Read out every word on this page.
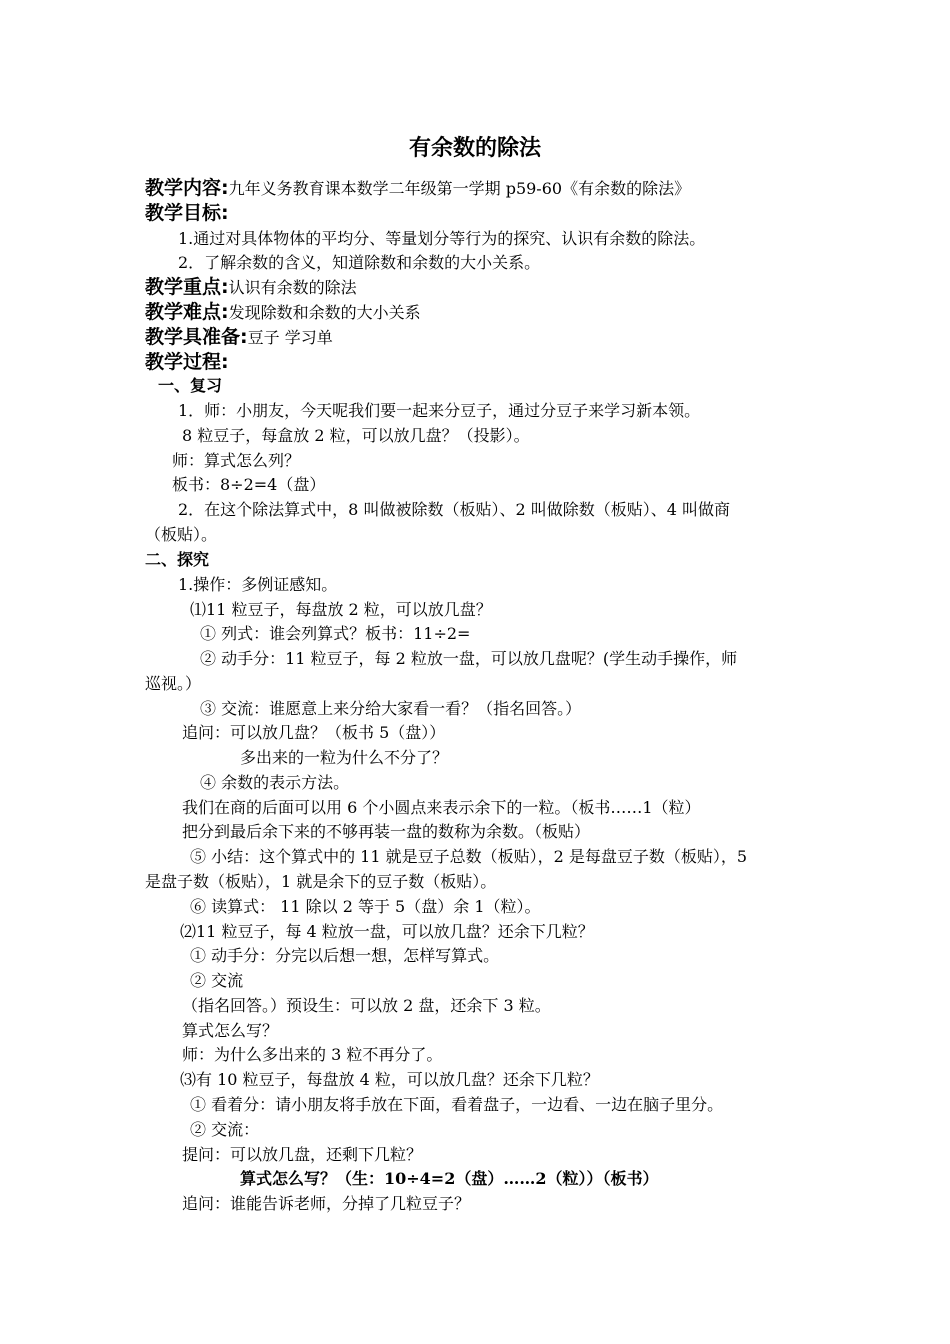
有余数的除法
教学内容:九年义务教育课本数学二年级第一学期 p59-60《有余数的除法》
教学目标:
1.通过对具体物体的平均分、等量划分等行为的探究、认识有余数的除法。
2．了解余数的含义，知道除数和余数的大小关系。
教学重点:认识有余数的除法
教学难点:发现除数和余数的大小关系
教学具准备:豆子 学习单
教学过程:
一、复习
1．师：小朋友，今天呢我们要一起来分豆子，通过分豆子来学习新本领。
8 粒豆子，每盒放 2 粒，可以放几盘？（投影）。
师：算式怎么列？
板书：8÷2=4（盘）
2．在这个除法算式中，8 叫做被除数（板贴）、2 叫做除数（板贴）、4 叫做商
（板贴）。
二、探究
1.操作：多例证感知。
⑴11 粒豆子，每盘放 2 粒，可以放几盘？
① 列式：谁会列算式？板书：11÷2=
② 动手分：11 粒豆子，每 2 粒放一盘，可以放几盘呢？(学生动手操作，师
巡视。）
③ 交流：谁愿意上来分给大家看一看？（指名回答。）
追问：可以放几盘？（板书 5（盘））
多出来的一粒为什么不分了？
④ 余数的表示方法。
我们在商的后面可以用 6 个小圆点来表示余下的一粒。（板书……1（粒）
把分到最后余下来的不够再装一盘的数称为余数。（板贴）
⑤ 小结：这个算式中的 11 就是豆子总数（板贴），2 是每盘豆子数（板贴），5
是盘子数（板贴），1 就是余下的豆子数（板贴）。
⑥ 读算式： 11 除以 2 等于 5（盘）余 1（粒）。
⑵11 粒豆子，每 4 粒放一盘，可以放几盘？还余下几粒？
① 动手分：分完以后想一想，怎样写算式。
② 交流
（指名回答。）预设生：可以放 2 盘，还余下 3 粒。
算式怎么写？
师：为什么多出来的 3 粒不再分了。
⑶有 10 粒豆子，每盘放 4 粒，可以放几盘？还余下几粒？
① 看着分：请小朋友将手放在下面，看着盘子，一边看、一边在脑子里分。
② 交流：
提问：可以放几盘，还剩下几粒？
算式怎么写？（生：10÷4=2（盘）……2（粒））（板书）
追问：谁能告诉老师，分掉了几粒豆子？
